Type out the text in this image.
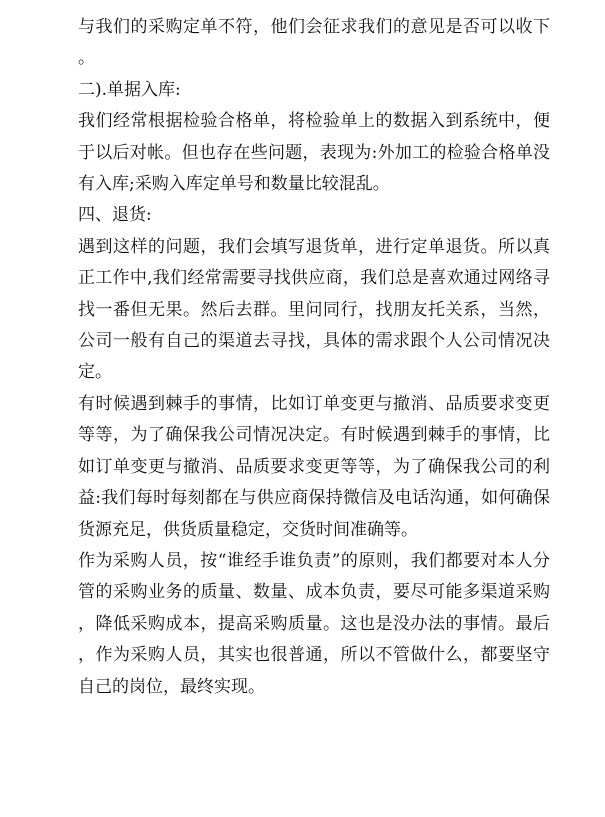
与我们的采购定单不符，他们会征求我们的意见是否可以收下。

二).单据入库:

我们经常根据检验合格单，将检验单上的数据入到系统中，便于以后对帐。但也存在些问题，表现为:外加工的检验合格单没有入库;采购入库定单号和数量比较混乱。

四、退货:

遇到这样的问题，我们会填写退货单，进行定单退货。所以真正工作中,我们经常需要寻找供应商，我们总是喜欢通过网络寻找一番但无果。然后去群。里问同行，找朋友托关系，当然，公司一般有自己的渠道去寻找，具体的需求跟个人公司情况决定。

有时候遇到棘手的事情，比如订单变更与撤消、品质要求变更等等，为了确保我公司情况决定。有时候遇到棘手的事情，比如订单变更与撤消、品质要求变更等等，为了确保我公司的利益:我们每时每刻都在与供应商保持微信及电话沟通，如何确保货源充足，供货质量稳定，交货时间准确等。

作为采购人员，按“谁经手谁负责”的原则，我们都要对本人分管的采购业务的质量、数量、成本负责，要尽可能多渠道采购，降低采购成本，提高采购质量。这也是没办法的事情。最后，作为采购人员，其实也很普通，所以不管做什么，都要坚守自己的岗位，最终实现。
